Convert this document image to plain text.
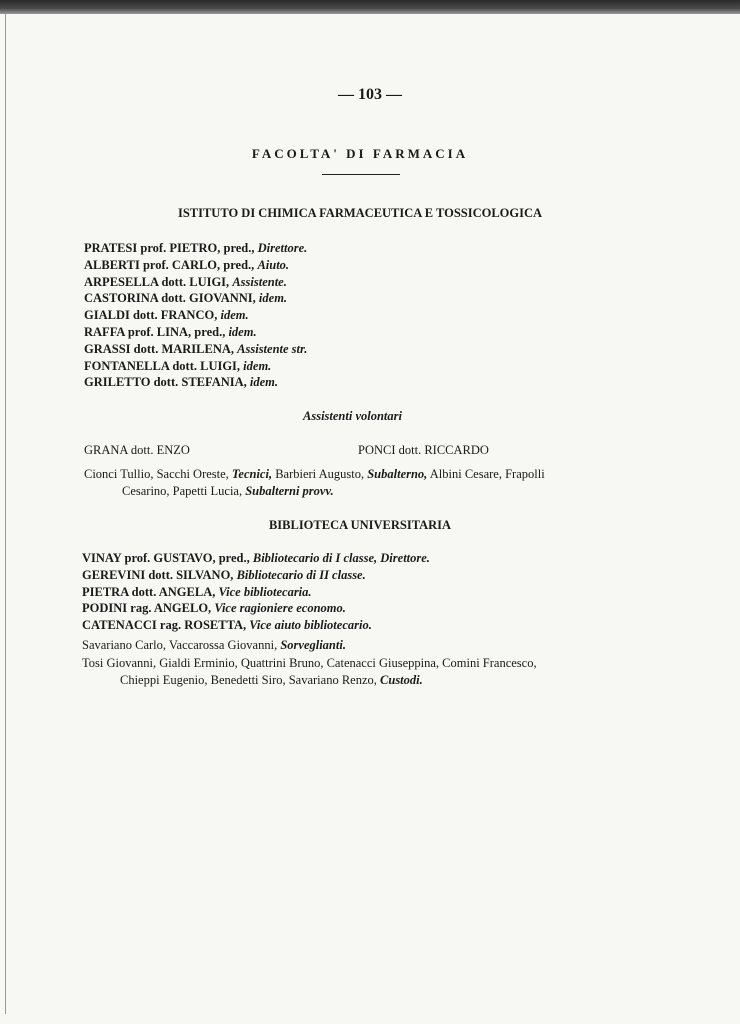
— 103 —
FACOLTA' DI FARMACIA
ISTITUTO DI CHIMICA FARMACEUTICA E TOSSICOLOGICA
PRATESI prof. PIETRO, pred., Direttore.
ALBERTI prof. CARLO, pred., Aiuto.
ARPESELLA dott. LUIGI, Assistente.
CASTORINA dott. GIOVANNI, idem.
GIALDI dott. FRANCO, idem.
RAFFA prof. LINA, pred., idem.
GRASSI dott. MARILENA, Assistente str.
FONTANELLA dott. LUIGI, idem.
GRILETTO dott. STEFANIA, idem.
Assistenti volontari
GRANA dott. ENZO	PONCI dott. RICCARDO
Cionci Tullio, Sacchi Oreste, Tecnici, Barbieri Augusto, Subalterno, Albini Cesare, Frapolli
Cesarino, Papetti Lucia, Subalterni provv.
BIBLIOTECA UNIVERSITARIA
VINAY prof. GUSTAVO, pred., Bibliotecario di I classe, Direttore.
GEREVINI dott. SILVANO, Bibliotecario di II classe.
PIETRA dott. ANGELA, Vice bibliotecaria.
PODINI rag. ANGELO, Vice ragioniere economo.
CATENACCI rag. ROSETTA, Vice aiuto bibliotecario.
Savariano Carlo, Vaccarossa Giovanni, Sorveglianti.
Tosi Giovanni, Gialdi Erminio, Quattrini Bruno, Catenacci Giuseppina, Comini Francesco,
Chieppi Eugenio, Benedetti Siro, Savariano Renzo, Custodi.
